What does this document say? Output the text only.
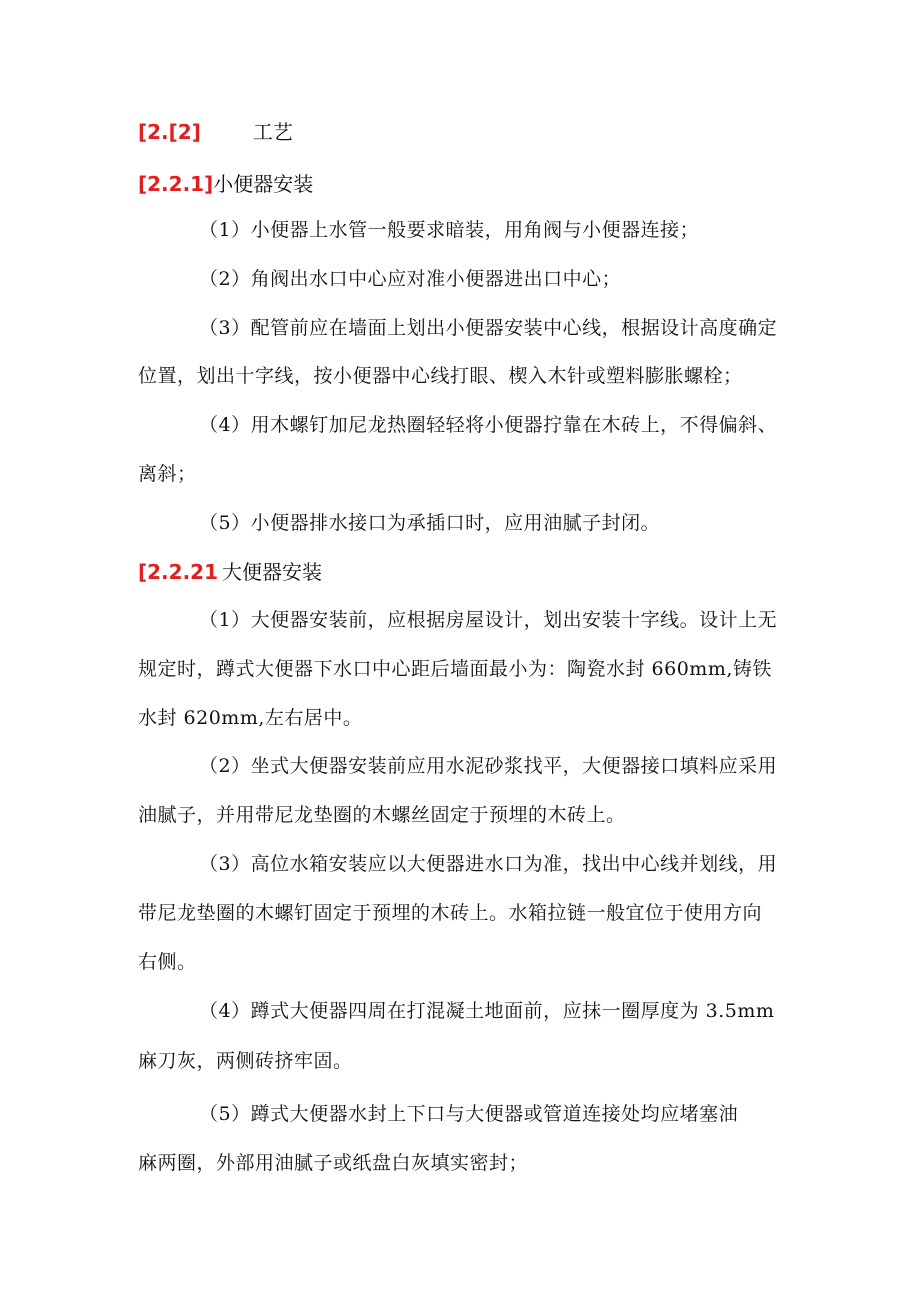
[2.[2]	工艺
[2.2.1]小便器安装
（1）小便器上水管一般要求暗装，用角阀与小便器连接；
（2）角阀出水口中心应对准小便器进出口中心；
（3）配管前应在墙面上划出小便器安装中心线，根据设计高度确定
位置，划出十字线，按小便器中心线打眼、楔入木针或塑料膨胀螺栓；
（4）用木螺钉加尼龙热圈轻轻将小便器拧靠在木砖上，不得偏斜、
离斜；
（5）小便器排水接口为承插口时，应用油腻子封闭。
[2.2.21 大便器安装
（1）大便器安装前，应根据房屋设计，划出安装十字线。设计上无
规定时，蹲式大便器下水口中心距后墙面最小为：陶瓷水封 660mm,铸铁
水封 620mm,左右居中。
（2）坐式大便器安装前应用水泥砂浆找平，大便器接口填料应采用
油腻子，并用带尼龙垫圈的木螺丝固定于预埋的木砖上。
（3）高位水箱安装应以大便器进水口为准，找出中心线并划线，用
带尼龙垫圈的木螺钉固定于预埋的木砖上。水箱拉链一般宜位于使用方向
右侧。
（4）蹲式大便器四周在打混凝土地面前，应抹一圈厚度为 3.5mm
麻刀灰，两侧砖挤牢固。
（5）蹲式大便器水封上下口与大便器或管道连接处均应堵塞油
麻两圈，外部用油腻子或纸盘白灰填实密封；
